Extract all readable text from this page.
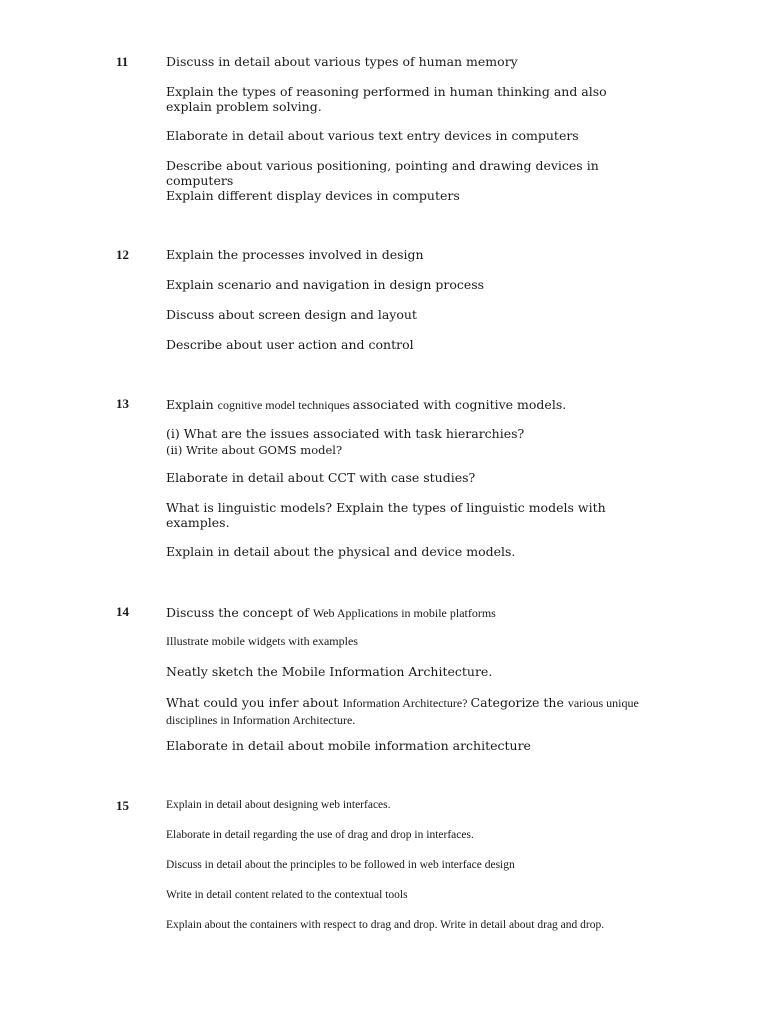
11	Discuss in detail about various types of human memory
Explain the types of reasoning performed in human thinking and also explain problem solving.
Elaborate in detail about various text entry devices in computers
Describe about various positioning, pointing and drawing devices in computers
Explain different display devices in computers
12	Explain the processes involved in design
Explain scenario and navigation in design process
Discuss about screen design and layout
Describe about user action and control
13	Explain cognitive model techniques associated with cognitive models.
(i) What are the issues associated with task hierarchies?
(ii) Write about GOMS model?
Elaborate in detail about CCT with case studies?
What is linguistic models? Explain the types of linguistic models with examples.
Explain in detail about the physical and device models.
14	Discuss the concept of Web Applications in mobile platforms
Illustrate mobile widgets with examples
Neatly sketch the Mobile Information Architecture.
What could you infer about Information Architecture? Categorize the various unique disciplines in Information Architecture.
Elaborate in detail about mobile information architecture
15	Explain in detail about designing web interfaces.
Elaborate in detail regarding the use of drag and drop in interfaces.
Discuss in detail about the principles to be followed in web interface design
Write in detail content related to the contextual tools
Explain about the containers with respect to drag and drop. Write in detail about drag and drop.
